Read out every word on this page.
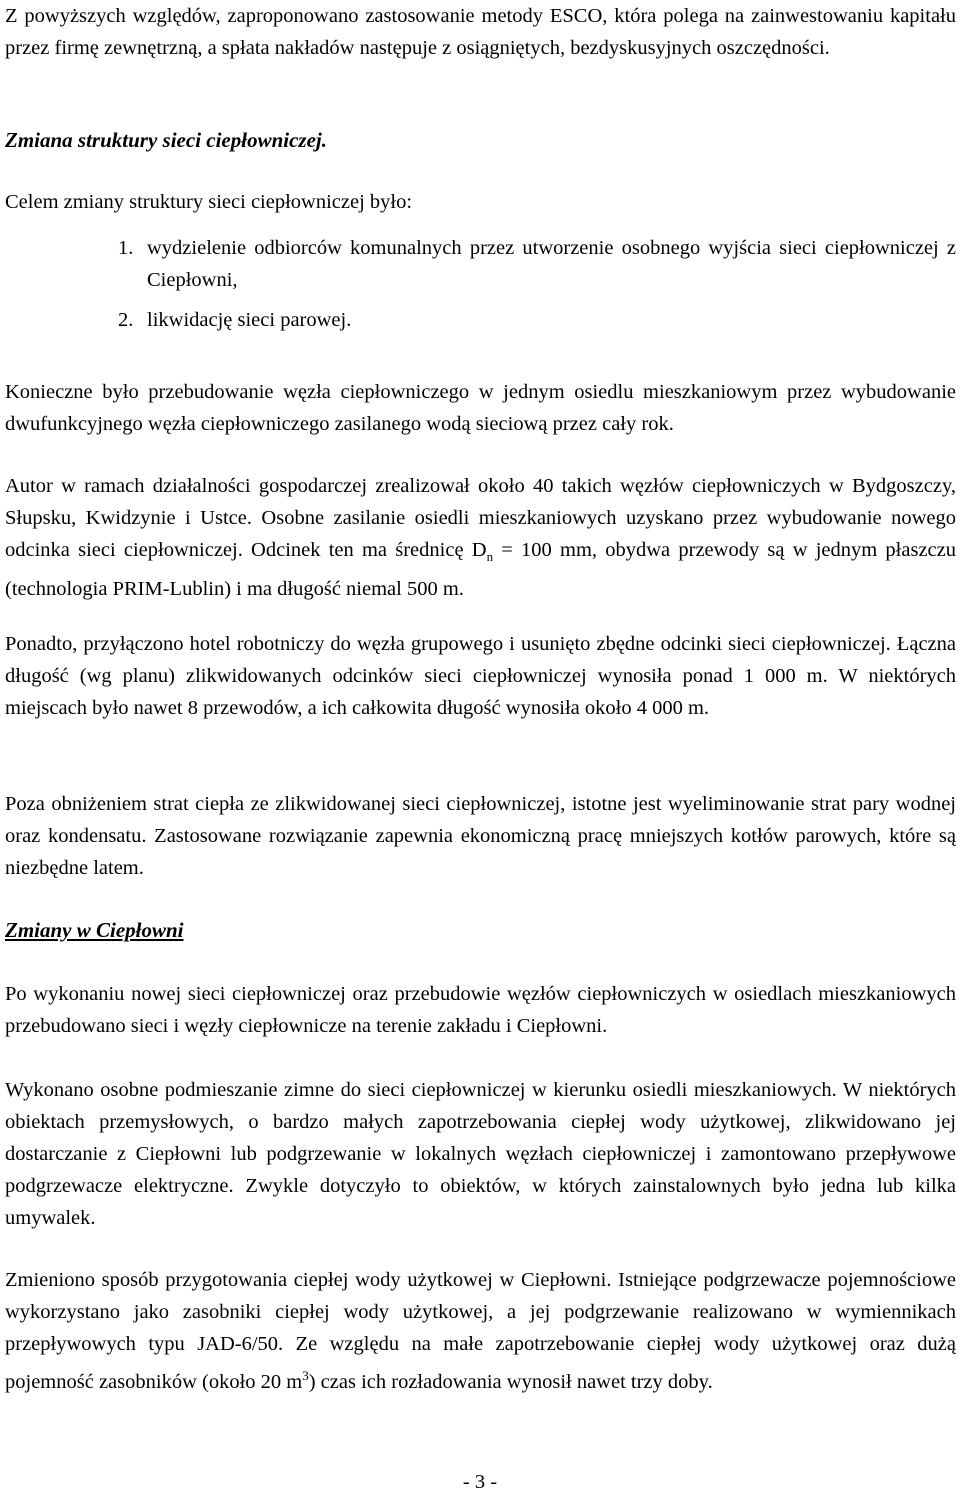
Z powyższych względów, zaproponowano zastosowanie metody ESCO, która polega na zainwestowaniu kapitału przez firmę zewnętrzną, a spłata nakładów następuje z osiągniętych, bezdyskusyjnych oszczędności.

Zmiana struktury sieci ciepłowniczej.

Celem zmiany struktury sieci ciepłowniczej było:

1. wydzielenie odbiorców komunalnych przez utworzenie osobnego wyjścia sieci ciepłowniczej z Ciepłowni,
2. likwidację sieci parowej.

Konieczne było przebudowanie węzła ciepłowniczego w jednym osiedlu mieszkaniowym przez wybudowanie dwufunkcyjnego węzła ciepłowniczego zasilanego wodą sieciową przez cały rok.

Autor w ramach działalności gospodarczej zrealizował około 40 takich węzłów ciepłowniczych w Bydgoszczy, Słupsku, Kwidzynie i Ustce. Osobne zasilanie osiedli mieszkaniowych uzyskano przez wybudowanie nowego odcinka sieci ciepłowniczej. Odcinek ten ma średnicę $D_n = 100$ mm, obydwa przewody są w jednym płaszczu (technologia PRIM-Lublin) i ma długość niemal 500 m.

Ponadto, przyłączono hotel robotniczy do węzła grupowego i usunięto zbędne odcinki sieci ciepłowniczej. Łączna długość (wg planu) zlikwidowanych odcinków sieci ciepłowniczej wynosiła ponad 1 000 m. W niektórych miejscach było nawet 8 przewodów, a ich całkowita długość wynosiła około 4 000 m.

Poza obniżeniem strat ciepła ze zlikwidowanej sieci ciepłowniczej, istotne jest wyeliminowanie strat pary wodnej oraz kondensatu. Zastosowane rozwiązanie zapewnia ekonomiczną pracę mniejszych kotłów parowych, które są niezbędne latem.

Zmiany w Ciepłowni

Po wykonaniu nowej sieci ciepłowniczej oraz przebudowie węzłów ciepłowniczych w osiedlach mieszkaniowych przebudowano sieci i węzły ciepłownicze na terenie zakładu i Ciepłowni.

Wykonano osobne podmieszanie zimne do sieci ciepłowniczej w kierunku osiedli mieszkaniowych. W niektórych obiektach przemysłowych, o bardzo małych zapotrzebowania ciepłej wody użytkowej, zlikwidowano jej dostarczanie z Ciepłowni lub podgrzewanie w lokalnych węzłach ciepłowniczej i zamontowano przepływowe podgrzewacze elektryczne. Zwykle dotyczyło to obiektów, w których zainstalownych było jedna lub kilka umywalek.

Zmieniono sposób przygotowania ciepłej wody użytkowej w Ciepłowni. Istniejące podgrzewacze pojemnościowe wykorzystano jako zasobniki ciepłej wody użytkowej, a jej podgrzewanie realizowano w wymiennikach przepływowych typu JAD-6/50. Ze względu na małe zapotrzebowanie ciepłej wody użytkowej oraz dużą pojemność zasobników (około 20 $m^3$) czas ich rozładowania wynosił nawet trzy doby.

- 3 -
